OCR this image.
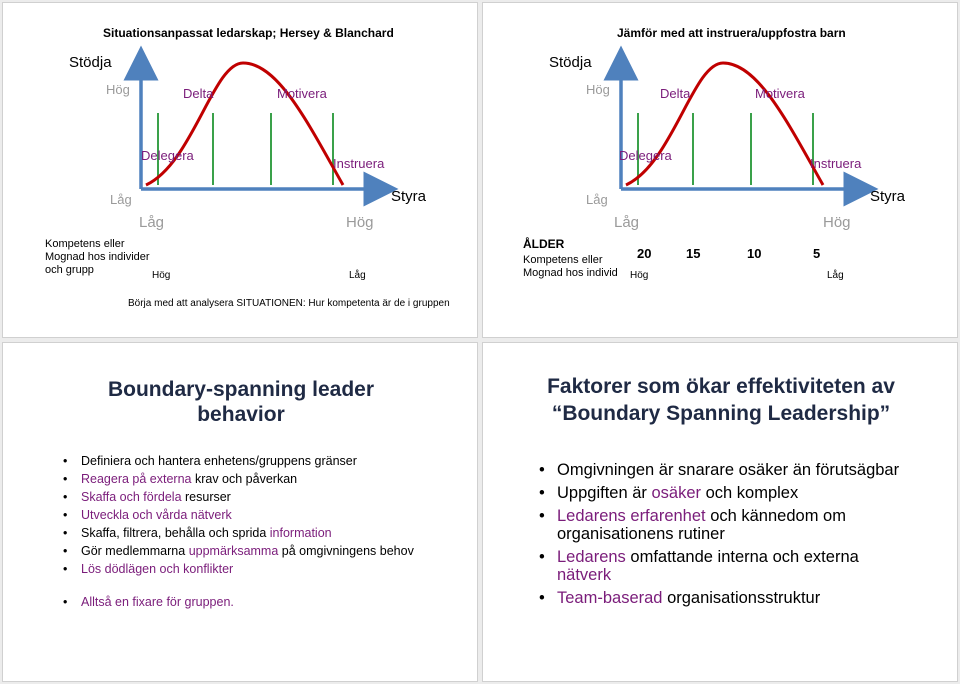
Situationsanpassat ledarskap; Hersey & Blanchard
Stödja
Hög	Delta	Motivera
Delegera
Instruera
Låg	Styra
Låg	Hög
Kompetens eller Mognad hos individer och grupp	Hög	Låg
Börja med att analysera SITUATIONEN: Hur kompetenta är de i gruppen
Jämför med att instruera/uppfostra barn
Stödja
Hög	Delta	Motivera
Delegera
Instruera
Låg	Styra
Låg	Hög
ÅLDER
Kompetens eller Mognad hos individ
20	15	10	5
Hög	Låg
Boundary-spanning leader behavior
• Definiera och hantera enhetens/gruppens gränser
• Reagera på externa krav och påverkan
• Skaffa och fördela resurser
• Utveckla och vårda nätverk
• Skaffa, filtrera, behålla och sprida information
• Gör medlemmarna uppmärksamma på omgivningens behov
• Lös dödlägen och konflikter
• Alltså en fixare för gruppen.
Faktorer som ökar effektiviteten av “Boundary Spanning Leadership”
• Omgivningen är snarare osäker än förutsägbar
• Uppgiften är osäker och komplex
• Ledarens erfarenhet och kännedom om organisationens rutiner
• Ledarens omfattande interna och externa nätverk
• Team-baserad organisationsstruktur
